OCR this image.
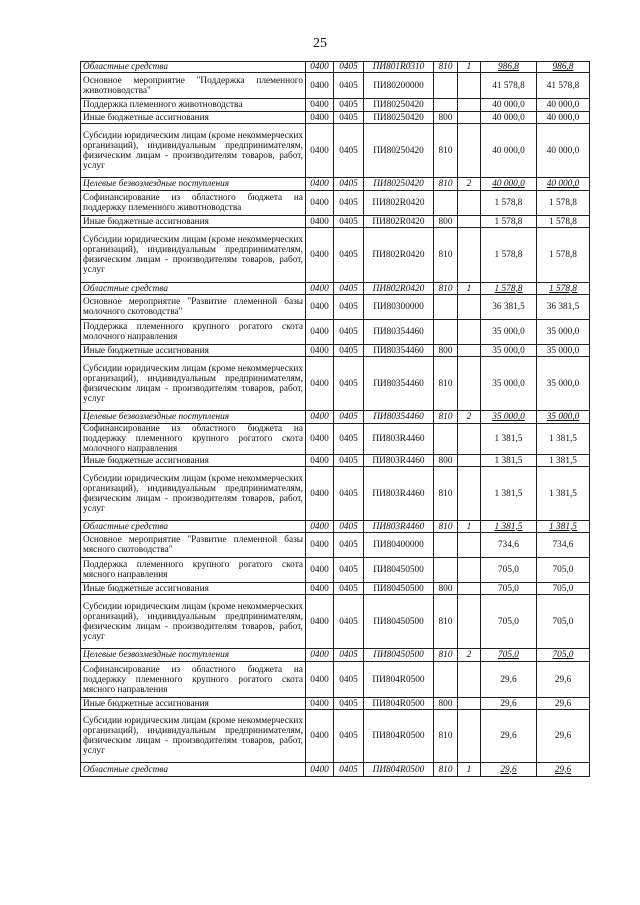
25
Областные средства	0400	0405	ПИ801R0310	810	1	986,8	986,8
Основное мероприятие "Поддержка племенного животноводства"	0400	0405	ПИ80200000			41 578,8	41 578,8
Поддержка племенного животноводства	0400	0405	ПИ80250420			40 000,0	40 000,0
Иные бюджетные ассигнования	0400	0405	ПИ80250420	800		40 000,0	40 000,0
Субсидии юридическим лицам (кроме некоммерческих организаций), индивидуальным предпринимателям, физическим лицам - производителям товаров, работ, услуг	0400	0405	ПИ80250420	810		40 000,0	40 000,0
Целевые безвозмездные поступления	0400	0405	ПИ80250420	810	2	40 000,0	40 000,0
Софинансирование из областного бюджета на поддержку племенного животноводства	0400	0405	ПИ802R0420			1 578,8	1 578,8
Иные бюджетные ассигнования	0400	0405	ПИ802R0420	800		1 578,8	1 578,8
Субсидии юридическим лицам (кроме некоммерческих организаций), индивидуальным предпринимателям, физическим лицам - производителям товаров, работ, услуг	0400	0405	ПИ802R0420	810		1 578,8	1 578,8
Областные средства	0400	0405	ПИ802R0420	810	1	1 578,8	1 578,8
Основное мероприятие "Развитие племенной базы молочного скотоводства"	0400	0405	ПИ80300000			36 381,5	36 381,5
Поддержка племенного крупного рогатого скота молочного направления	0400	0405	ПИ80354460			35 000,0	35 000,0
Иные бюджетные ассигнования	0400	0405	ПИ80354460	800		35 000,0	35 000,0
Субсидии юридическим лицам (кроме некоммерческих организаций), индивидуальным предпринимателям, физическим лицам - производителям товаров, работ, услуг	0400	0405	ПИ80354460	810		35 000,0	35 000,0
Целевые безвозмездные поступления	0400	0405	ПИ80354460	810	2	35 000,0	35 000,0
Софинансирование из областного бюджета на поддержку племенного крупного рогатого скота молочного направления	0400	0405	ПИ803R4460			1 381,5	1 381,5
Иные бюджетные ассигнования	0400	0405	ПИ803R4460	800		1 381,5	1 381,5
Субсидии юридическим лицам (кроме некоммерческих организаций), индивидуальным предпринимателям, физическим лицам - производителям товаров, работ, услуг	0400	0405	ПИ803R4460	810		1 381,5	1 381,5
Областные средства	0400	0405	ПИ803R4460	810	1	1 381,5	1 381,5
Основное мероприятие "Развитие племенной базы мясного скотоводства"	0400	0405	ПИ80400000			734,6	734,6
Поддержка племенного крупного рогатого скота мясного направления	0400	0405	ПИ80450500			705,0	705,0
Иные бюджетные ассигнования	0400	0405	ПИ80450500	800		705,0	705,0
Субсидии юридическим лицам (кроме некоммерческих организаций), индивидуальным предпринимателям, физическим лицам - производителям товаров, работ, услуг	0400	0405	ПИ80450500	810		705,0	705,0
Целевые безвозмездные поступления	0400	0405	ПИ80450500	810	2	705,0	705,0
Софинансирование из областного бюджета на поддержку племенного крупного рогатого скота мясного направления	0400	0405	ПИ804R0500			29,6	29,6
Иные бюджетные ассигнования	0400	0405	ПИ804R0500	800		29,6	29,6
Субсидии юридическим лицам (кроме некоммерческих организаций), индивидуальным предпринимателям, физическим лицам - производителям товаров, работ, услуг	0400	0405	ПИ804R0500	810		29,6	29,6
Областные средства	0400	0405	ПИ804R0500	810	1	29,6	29,6
